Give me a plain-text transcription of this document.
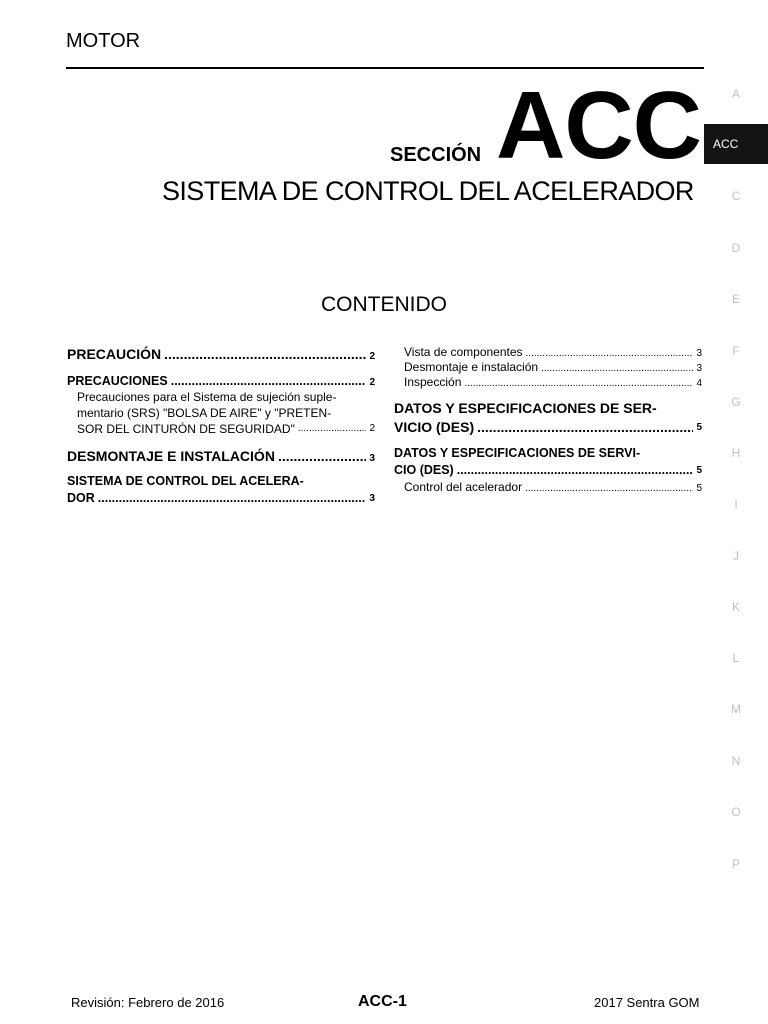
MOTOR
A
ACC
C
D
E
F
G
H
I
J
K
L
M
N
O
P
SECCIÓN ACC
SISTEMA DE CONTROL DEL ACELERADOR
CONTENIDO
PRECAUCIÓN .....	2
PRECAUCIONES .....	2
Precauciones para el Sistema de sujeción suple-
mentario (SRS) "BOLSA DE AIRE" y "PRETEN-
SOR DEL CINTURÓN DE SEGURIDAD" .....	2
DESMONTAJE E INSTALACIÓN .....	3
SISTEMA DE CONTROL DEL ACELERA-
DOR .....	3
Vista de componentes .....	3
Desmontaje e instalación .....	3
Inspección .....	4
DATOS Y ESPECIFICACIONES DE SER-
VICIO (DES) .....	5
DATOS Y ESPECIFICACIONES DE SERVI-
CIO (DES) .....	5
Control del acelerador .....	5
Revisión: Febrero de 2016	ACC-1	2017 Sentra GOM
